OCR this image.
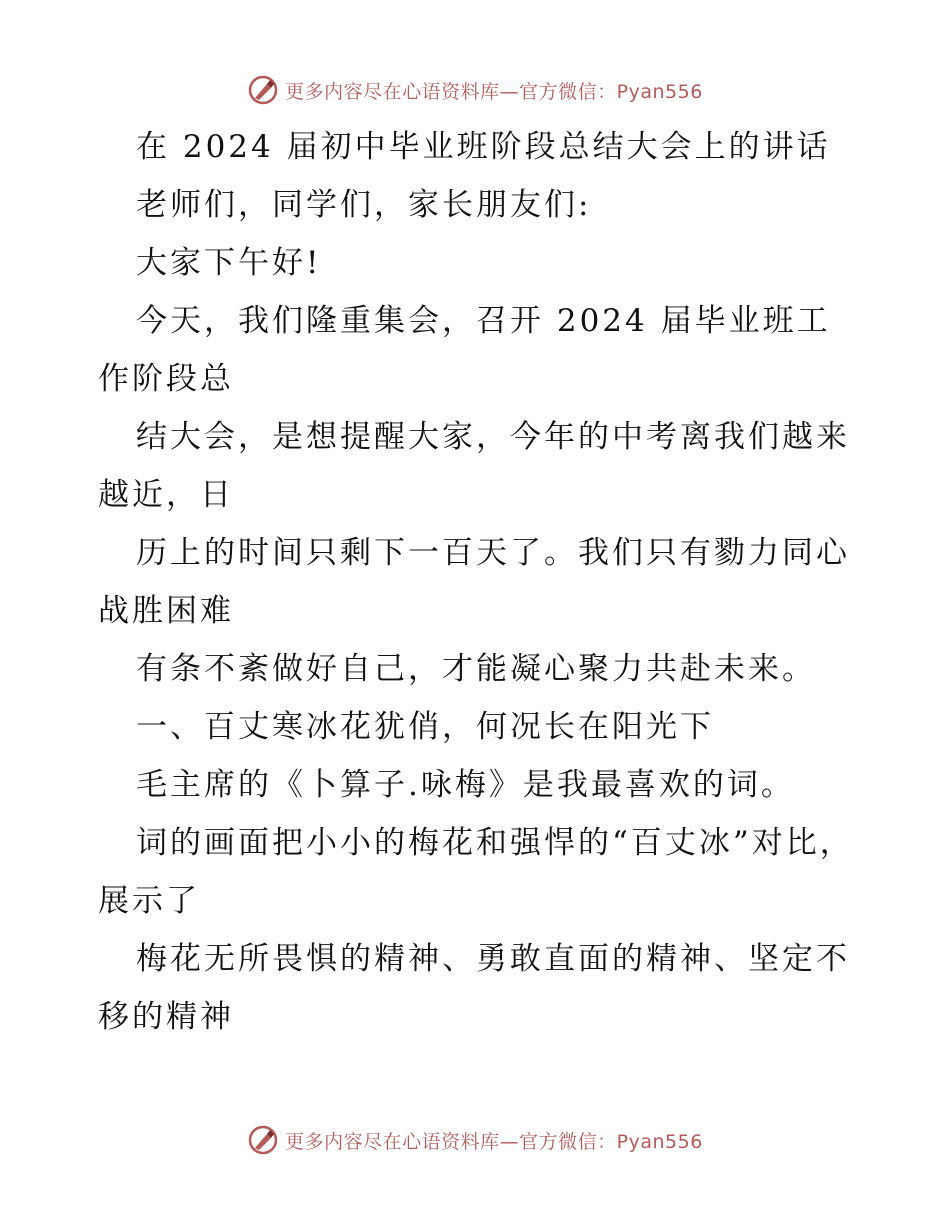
更多内容尽在心语资料库—官方微信：Pyan556

在 2024 届初中毕业班阶段总结大会上的讲话

老师们，同学们，家长朋友们:

大家下午好!

今天，我们隆重集会，召开 2024 届毕业班工作阶段总

结大会，是想提醒大家，今年的中考离我们越来越近，日

历上的时间只剩下一百天了。我们只有勠力同心战胜困难

有条不紊做好自己，才能凝心聚力共赴未来。

一、百丈寒冰花犹俏，何况长在阳光下

毛主席的《卜算子.咏梅》是我最喜欢的词。

词的画面把小小的梅花和强悍的“百丈冰”对比，展示了

梅花无所畏惧的精神、勇敢直面的精神、坚定不移的精神

更多内容尽在心语资料库—官方微信：Pyan556
